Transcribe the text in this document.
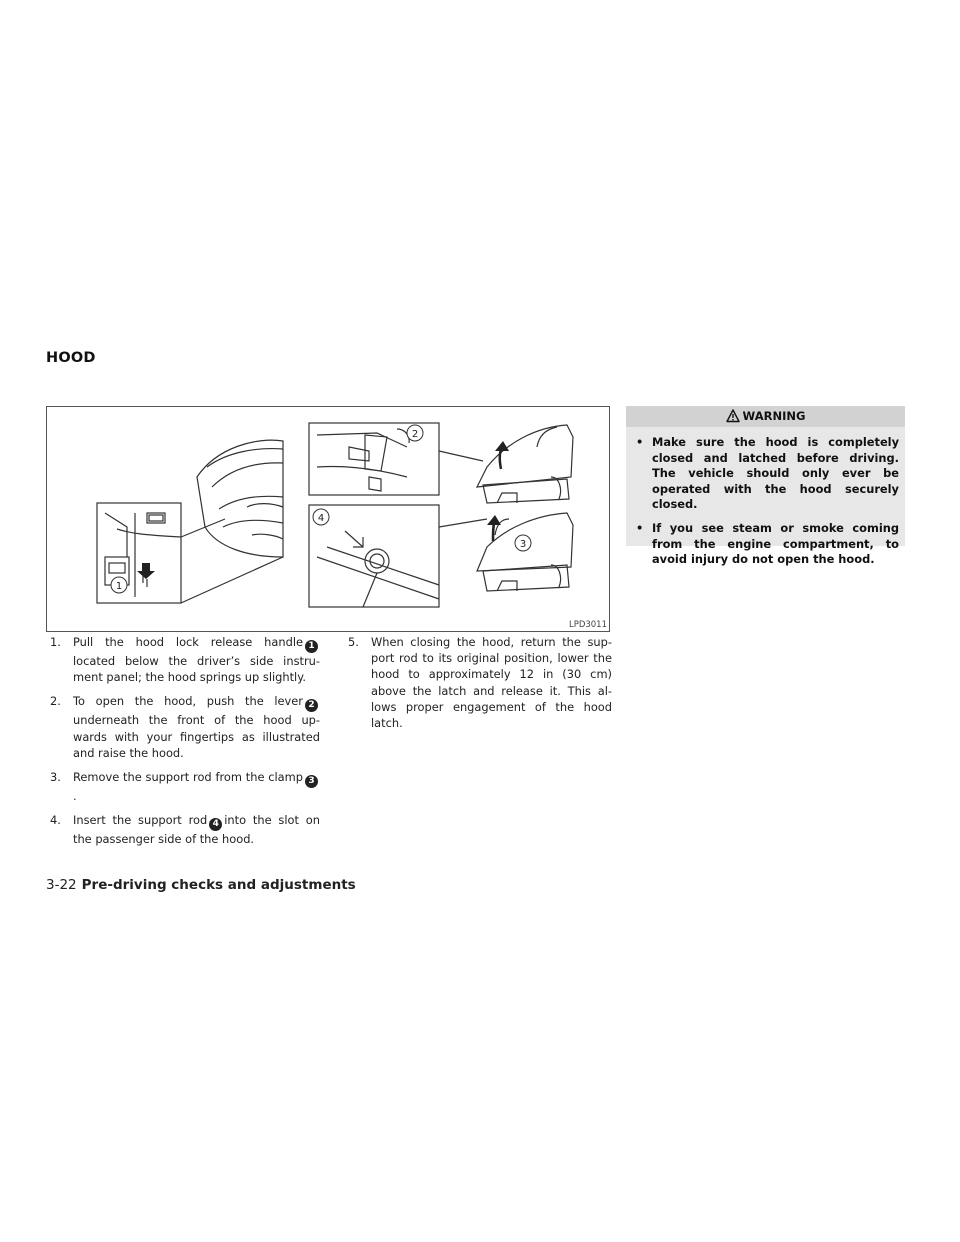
HOOD
1
2
3
4
LPD3011
1. Pull the hood lock release handle 1located below the driver’s side instru- ment panel; the hood springs up slightly.
2. To open the hood, push the lever 2underneath the front of the hood up- wards with your fingertips as illustrated and raise the hood.
3. Remove the support rod from the clamp 3.
4. Insert the support rod 4 into the slot on the passenger side of the hood.
5. When closing the hood, return the sup- port rod to its original position, lower the hood to approximately 12 in (30 cm) above the latch and release it. This al- lows proper engagement of the hood latch.
WARNING
• Make sure the hood is completely closed and latched before driving. The vehicle should only ever be operated with the hood securely closed.
• If you see steam or smoke coming from the engine compartment, to avoid injury do not open the hood.
3-22 Pre-driving checks and adjustments
